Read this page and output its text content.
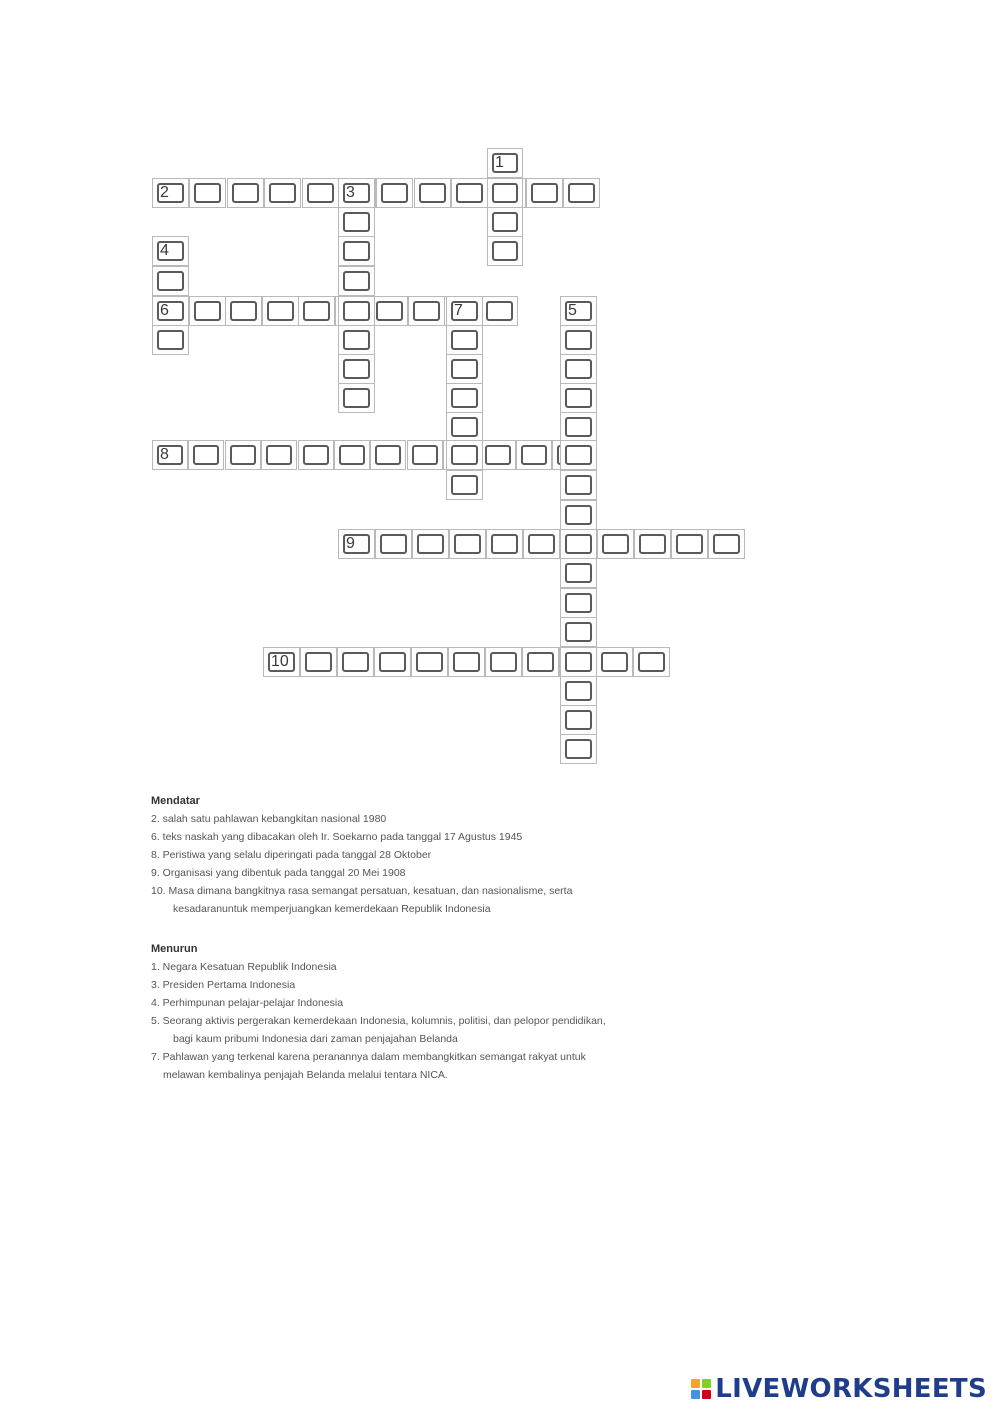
1
2	3
4
5
6	7
8
9
10
Mendatar
2. salah satu pahlawan kebangkitan nasional 1980
6. teks naskah yang dibacakan oleh Ir. Soekarno pada tanggal 17 Agustus 1945
8. Peristiwa yang selalu diperingati pada tanggal 28 Oktober
9. Organisasi yang dibentuk pada tanggal 20 Mei 1908
10. Masa dimana bangkitnya rasa semangat persatuan, kesatuan, dan nasionalisme, serta
kesadaranuntuk memperjuangkan kemerdekaan Republik Indonesia
Menurun
1. Negara Kesatuan Republik Indonesia
3. Presiden Pertama Indonesia
4. Perhimpunan pelajar-pelajar Indonesia
5. Seorang aktivis pergerakan kemerdekaan Indonesia, kolumnis, politisi, dan pelopor pendidikan,
bagi kaum pribumi Indonesia dari zaman penjajahan Belanda
7. Pahlawan yang terkenal karena peranannya dalam membangkitkan semangat rakyat untuk
melawan kembalinya penjajah Belanda melalui tentara NICA.
LIVEWORKSHEETS
